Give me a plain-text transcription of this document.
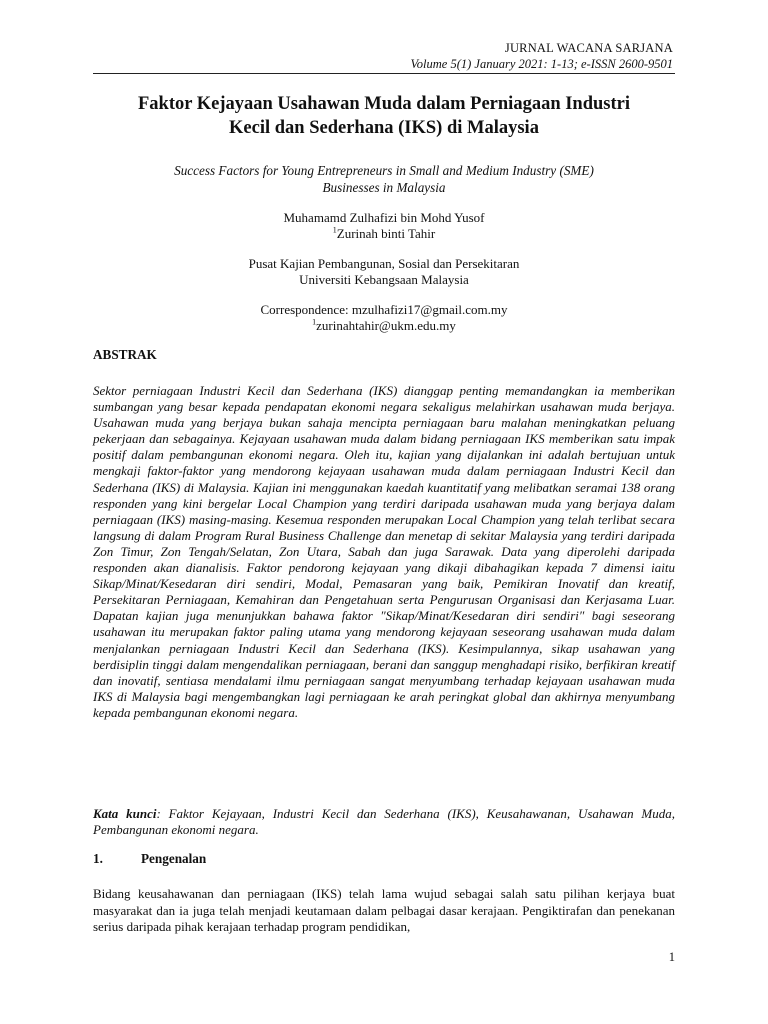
JURNAL WACANA SARJANA
Volume 5(1) January 2021: 1-13; e-ISSN 2600-9501
Faktor Kejayaan Usahawan Muda dalam Perniagaan Industri
Kecil dan Sederhana (IKS) di Malaysia
Success Factors for Young Entrepreneurs in Small and Medium Industry (SME)
Businesses in Malaysia
Muhamamd Zulhafizi bin Mohd Yusof
$^1$Zurinah binti Tahir
Pusat Kajian Pembangunan, Sosial dan Persekitaran
Universiti Kebangsaan Malaysia
Correspondence: mzulhafizi17@gmail.com.my
$^1$zurinahtahir@ukm.edu.my
ABSTRAK
Sektor perniagaan Industri Kecil dan Sederhana (IKS) dianggap penting memandangkan ia memberikan sumbangan yang besar kepada pendapatan ekonomi negara sekaligus melahirkan usahawan muda berjaya. Usahawan muda yang berjaya bukan sahaja mencipta perniagaan baru malahan meningkatkan peluang pekerjaan dan sebagainya. Kejayaan usahawan muda dalam bidang perniagaan IKS memberikan satu impak positif dalam pembangunan ekonomi negara. Oleh itu, kajian yang dijalankan ini adalah bertujuan untuk mengkaji faktor-faktor yang mendorong kejayaan usahawan muda dalam perniagaan Industri Kecil dan Sederhana (IKS) di Malaysia. Kajian ini menggunakan kaedah kuantitatif yang melibatkan seramai 138 orang responden yang kini bergelar Local Champion yang terdiri daripada usahawan muda yang berjaya dalam perniagaan (IKS) masing-masing. Kesemua responden merupakan Local Champion yang telah terlibat secara langsung di dalam Program Rural Business Challenge dan menetap di sekitar Malaysia yang terdiri daripada Zon Timur, Zon Tengah/Selatan, Zon Utara, Sabah dan juga Sarawak. Data yang diperolehi daripada responden akan dianalisis. Faktor pendorong kejayaan yang dikaji dibahagikan kepada 7 dimensi iaitu Sikap/Minat/Kesedaran diri sendiri, Modal, Pemasaran yang baik, Pemikiran Inovatif dan kreatif, Persekitaran Perniagaan, Kemahiran dan Pengetahuan serta Pengurusan Organisasi dan Kerjasama Luar. Dapatan kajian juga menunjukkan bahawa faktor ″Sikap/Minat/Kesedaran diri sendiri″ bagi seseorang usahawan itu merupakan faktor paling utama yang mendorong kejayaan seseorang usahawan muda dalam menjalankan perniagaan Industri Kecil dan Sederhana (IKS). Kesimpulannya, sikap usahawan yang berdisiplin tinggi dalam mengendalikan perniagaan, berani dan sanggup menghadapi risiko, berfikiran kreatif dan inovatif, sentiasa mendalami ilmu perniagaan sangat menyumbang terhadap kejayaan usahawan muda IKS di Malaysia bagi mengembangkan lagi perniagaan ke arah peringkat global dan akhirnya menyumbang kepada pembangunan ekonomi negara.
Kata kunci: Faktor Kejayaan, Industri Kecil dan Sederhana (IKS), Keusahawanan, Usahawan Muda, Pembangunan ekonomi negara.
1.	Pengenalan
Bidang keusahawanan dan perniagaan (IKS) telah lama wujud sebagai salah satu pilihan kerjaya buat masyarakat dan ia juga telah menjadi keutamaan dalam pelbagai dasar kerajaan. Pengiktirafan dan penekanan serius daripada pihak kerajaan terhadap program pendidikan,
1
